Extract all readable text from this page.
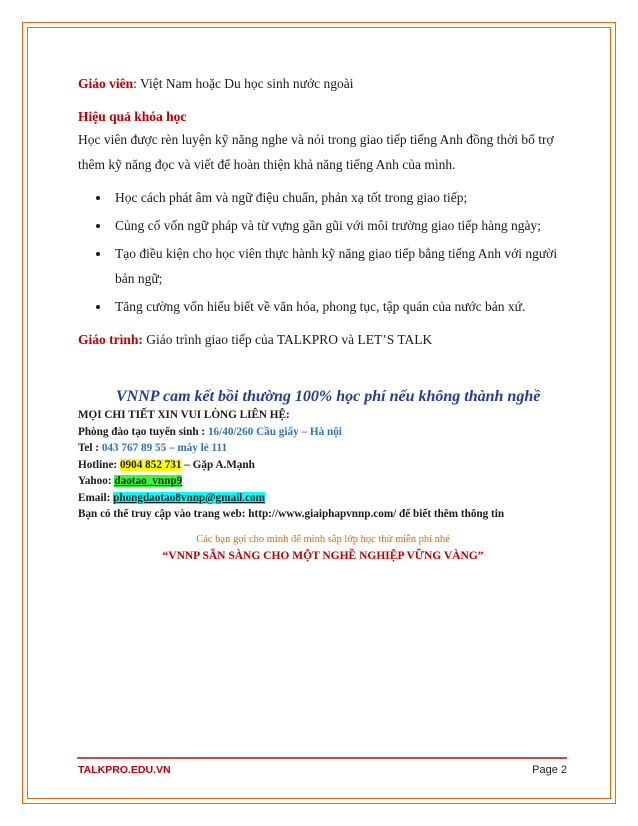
Giáo viên: Việt Nam hoặc Du học sinh nước ngoài
Hiệu quả khóa học
Học viên được rèn luyện kỹ năng nghe và nói trong giao tiếp tiếng Anh đồng thời bổ trợ thêm kỹ năng đọc và viết để hoàn thiện khả năng tiếng Anh của mình.
• Học cách phát âm và ngữ điệu chuẩn, phản xạ tốt trong giao tiếp;
• Củng cố vốn ngữ pháp và từ vựng gần gũi với môi trường giao tiếp hàng ngày;
• Tạo điều kiện cho học viên thực hành kỹ năng giao tiếp bằng tiếng Anh với người bản ngữ;
• Tăng cường vốn hiểu biết về văn hóa, phong tục, tập quán của nước bản xứ.
Giáo trình: Giáo trình giao tiếp của TALKPRO và LET’S TALK
VNNP cam kết bồi thường 100% học phí nếu không thành nghề
MỌI CHI TIẾT XIN VUI LÒNG LIÊN HỆ:
Phòng đào tạo tuyển sinh : 16/40/260 Cầu giấy – Hà nội
Tel : 043 767 89 55 – máy lẻ 111
Hotline: 0904 852 731 – Gặp A.Mạnh
Yahoo: daotao_vnnp9
Email: phongdaotao8vnnp@gmail.com
Bạn có thể truy cập vào trang web: http://www.giaiphapvnnp.com/ để biết thêm thông tin
Các bạn gọi cho mình để mình sắp lớp học thử miễn phí nhé
“VNNP SẴN SÀNG CHO MỘT NGHỀ NGHIỆP VỮNG VÀNG”
TALKPRO.EDU.VN	Page 2
